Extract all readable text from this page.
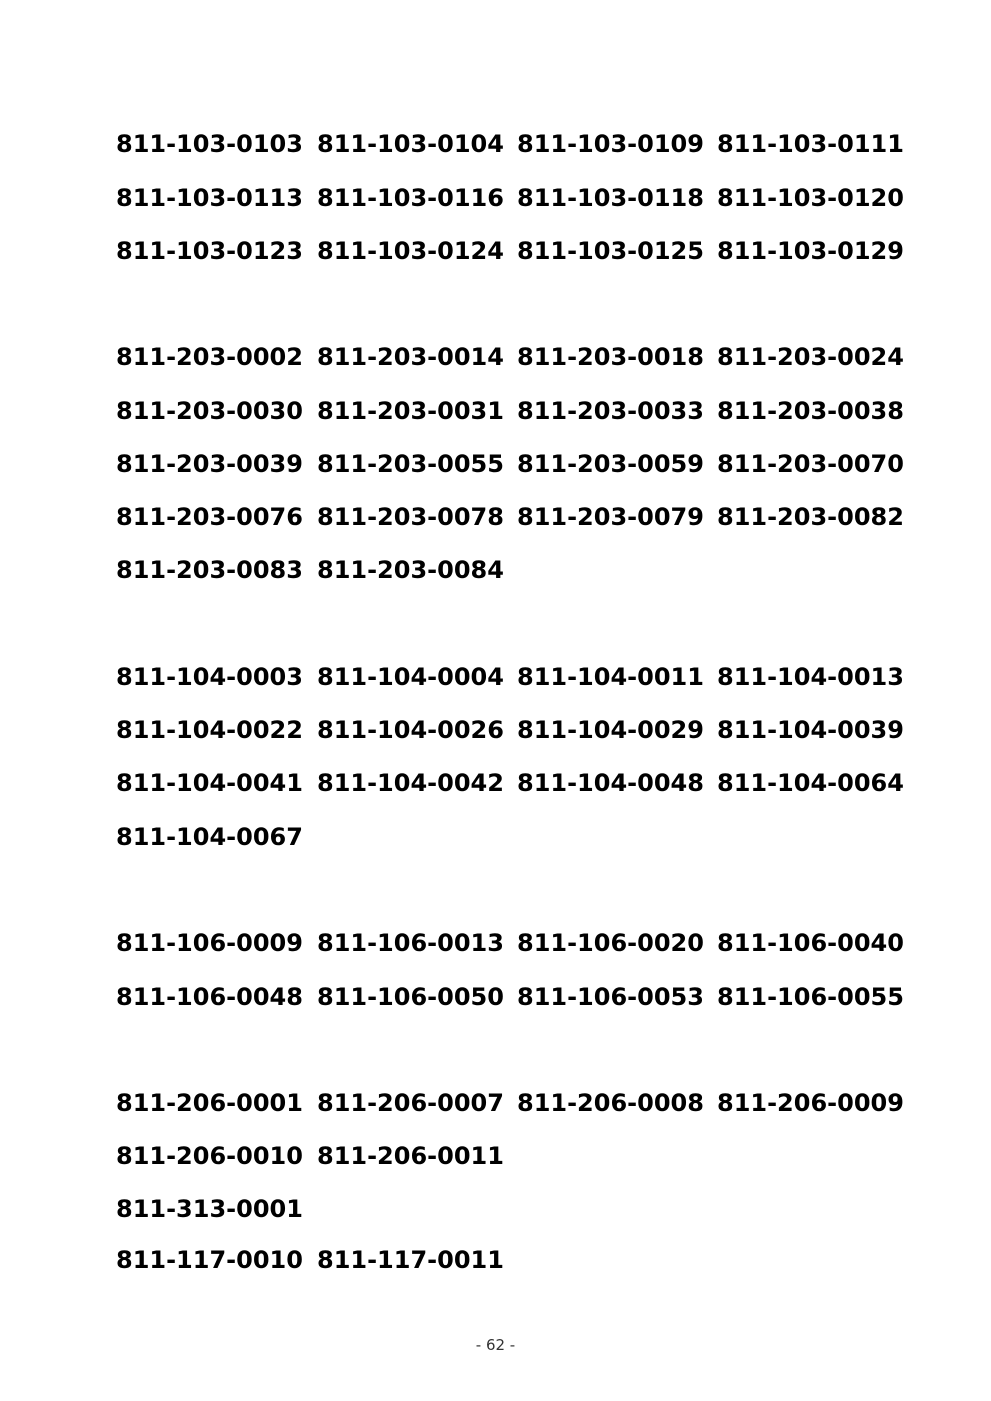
811-103-0103 811-103-0104 811-103-0109 811-103-0111
811-103-0113 811-103-0116 811-103-0118 811-103-0120
811-103-0123 811-103-0124 811-103-0125 811-103-0129
811-203-0002 811-203-0014 811-203-0018 811-203-0024
811-203-0030 811-203-0031 811-203-0033 811-203-0038
811-203-0039 811-203-0055 811-203-0059 811-203-0070
811-203-0076 811-203-0078 811-203-0079 811-203-0082
811-203-0083 811-203-0084
811-104-0003 811-104-0004 811-104-0011 811-104-0013
811-104-0022 811-104-0026 811-104-0029 811-104-0039
811-104-0041 811-104-0042 811-104-0048 811-104-0064
811-104-0067
811-106-0009 811-106-0013 811-106-0020 811-106-0040
811-106-0048 811-106-0050 811-106-0053 811-106-0055
811-206-0001 811-206-0007 811-206-0008 811-206-0009
811-206-0010 811-206-0011
811-313-0001
811-117-0010 811-117-0011
- 62 -
